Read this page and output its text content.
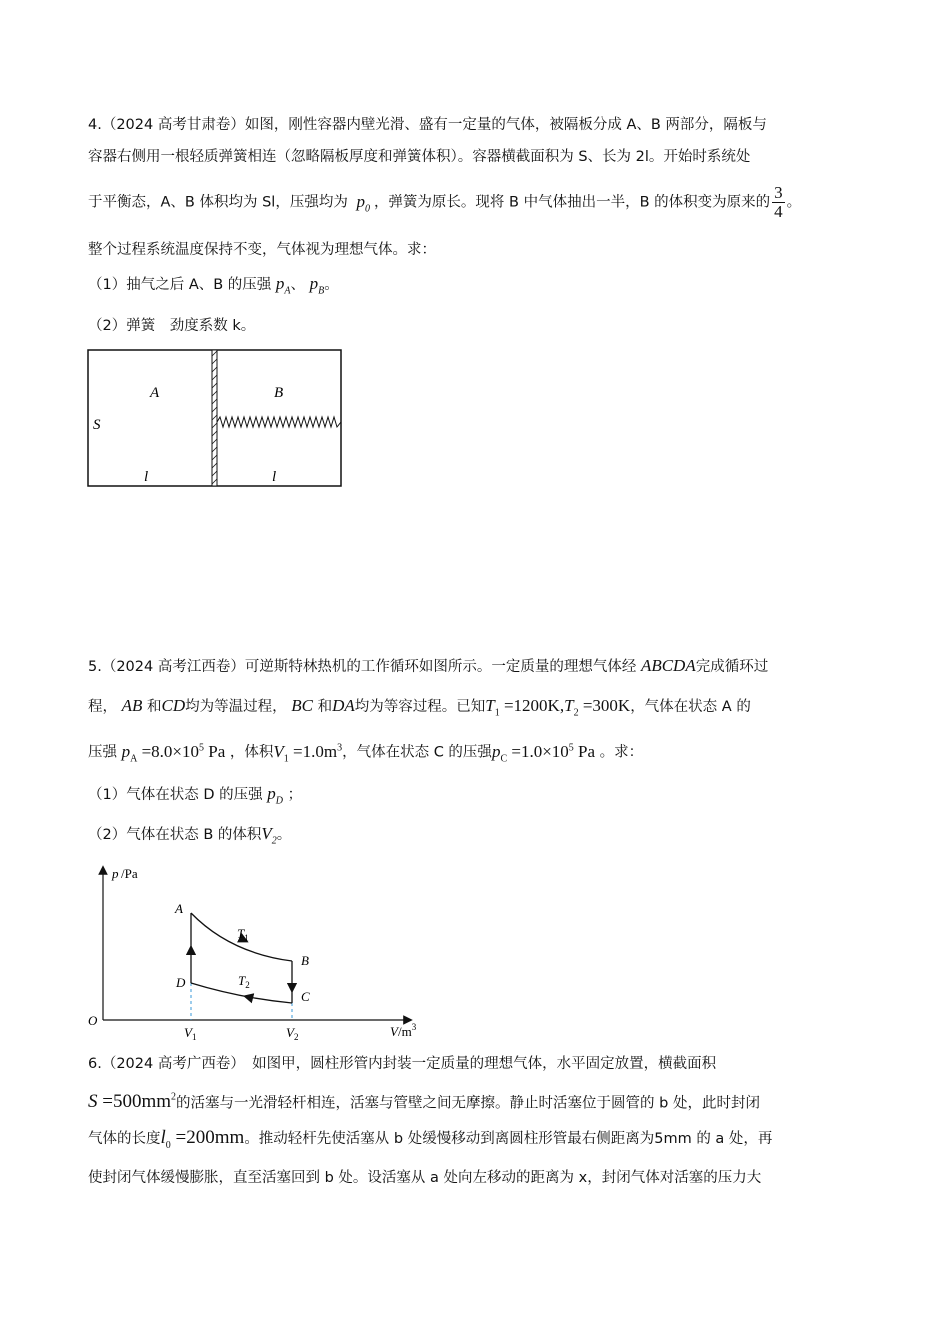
4.（2024 高考甘肃卷）如图，刚性容器内壁光滑、盛有一定量的气体，被隔板分成 A、B 两部分，隔板与
容器右侧用一根轻质弹簧相连（忽略隔板厚度和弹簧体积）。容器横截面积为 S、长为 2l。开始时系统处
于平衡态，A、B 体积均为 Sl，压强均为 $p_0$ ，弹簧为原长。现将 B 中气体抽出一半，B 的体积变为原来的 $\frac{3}{4}$ 。
整个过程系统温度保持不变，气体视为理想气体。求：
（1）抽气之后 A、B 的压强 $p_A$、 $p_B$。
（2）弹簧　劲度系数 k。
A	B
S
l	l
5.（2024 高考江西卷）可逆斯特林热机的工作循环如图所示。一定质量的理想气体经 ABCDA完成循环过
程， AB 和CD均为等温过程， BC 和DA均为等容过程。已知$T_1 =1200K,T_2 =300K$，气体在状态 A 的
压强 $p_A =8.0\times 10^5$ Pa ，体积$V_1 =1.0m^3$，气体在状态 C 的压强$p_C =1.0\times 10^5$ Pa 。求：
（1）气体在状态 D 的压强 $p_D$ ；
（2）气体在状态 B 的体积$V_2$。
p /Pa
$V/m^3$
O
A
B
C
D
$T_1$
$T_2$
$V_1$	$V_2$
6.（2024 高考广西卷）　如图甲，圆柱形管内封装一定质量的理想气体，水平固定放置，横截面积
$S =500mm^2$的活塞与一光滑轻杆相连，活塞与管壁之间无摩擦。静止时活塞位于圆管的 b 处，此时封闭
气体的长度$l_0 =200mm$。推动轻杆先使活塞从 b 处缓慢移动到离圆柱形管最右侧距离为5mm 的 a 处，再
使封闭气体缓慢膨胀，直至活塞回到 b 处。设活塞从 a 处向左移动的距离为 x，封闭气体对活塞的压力大
